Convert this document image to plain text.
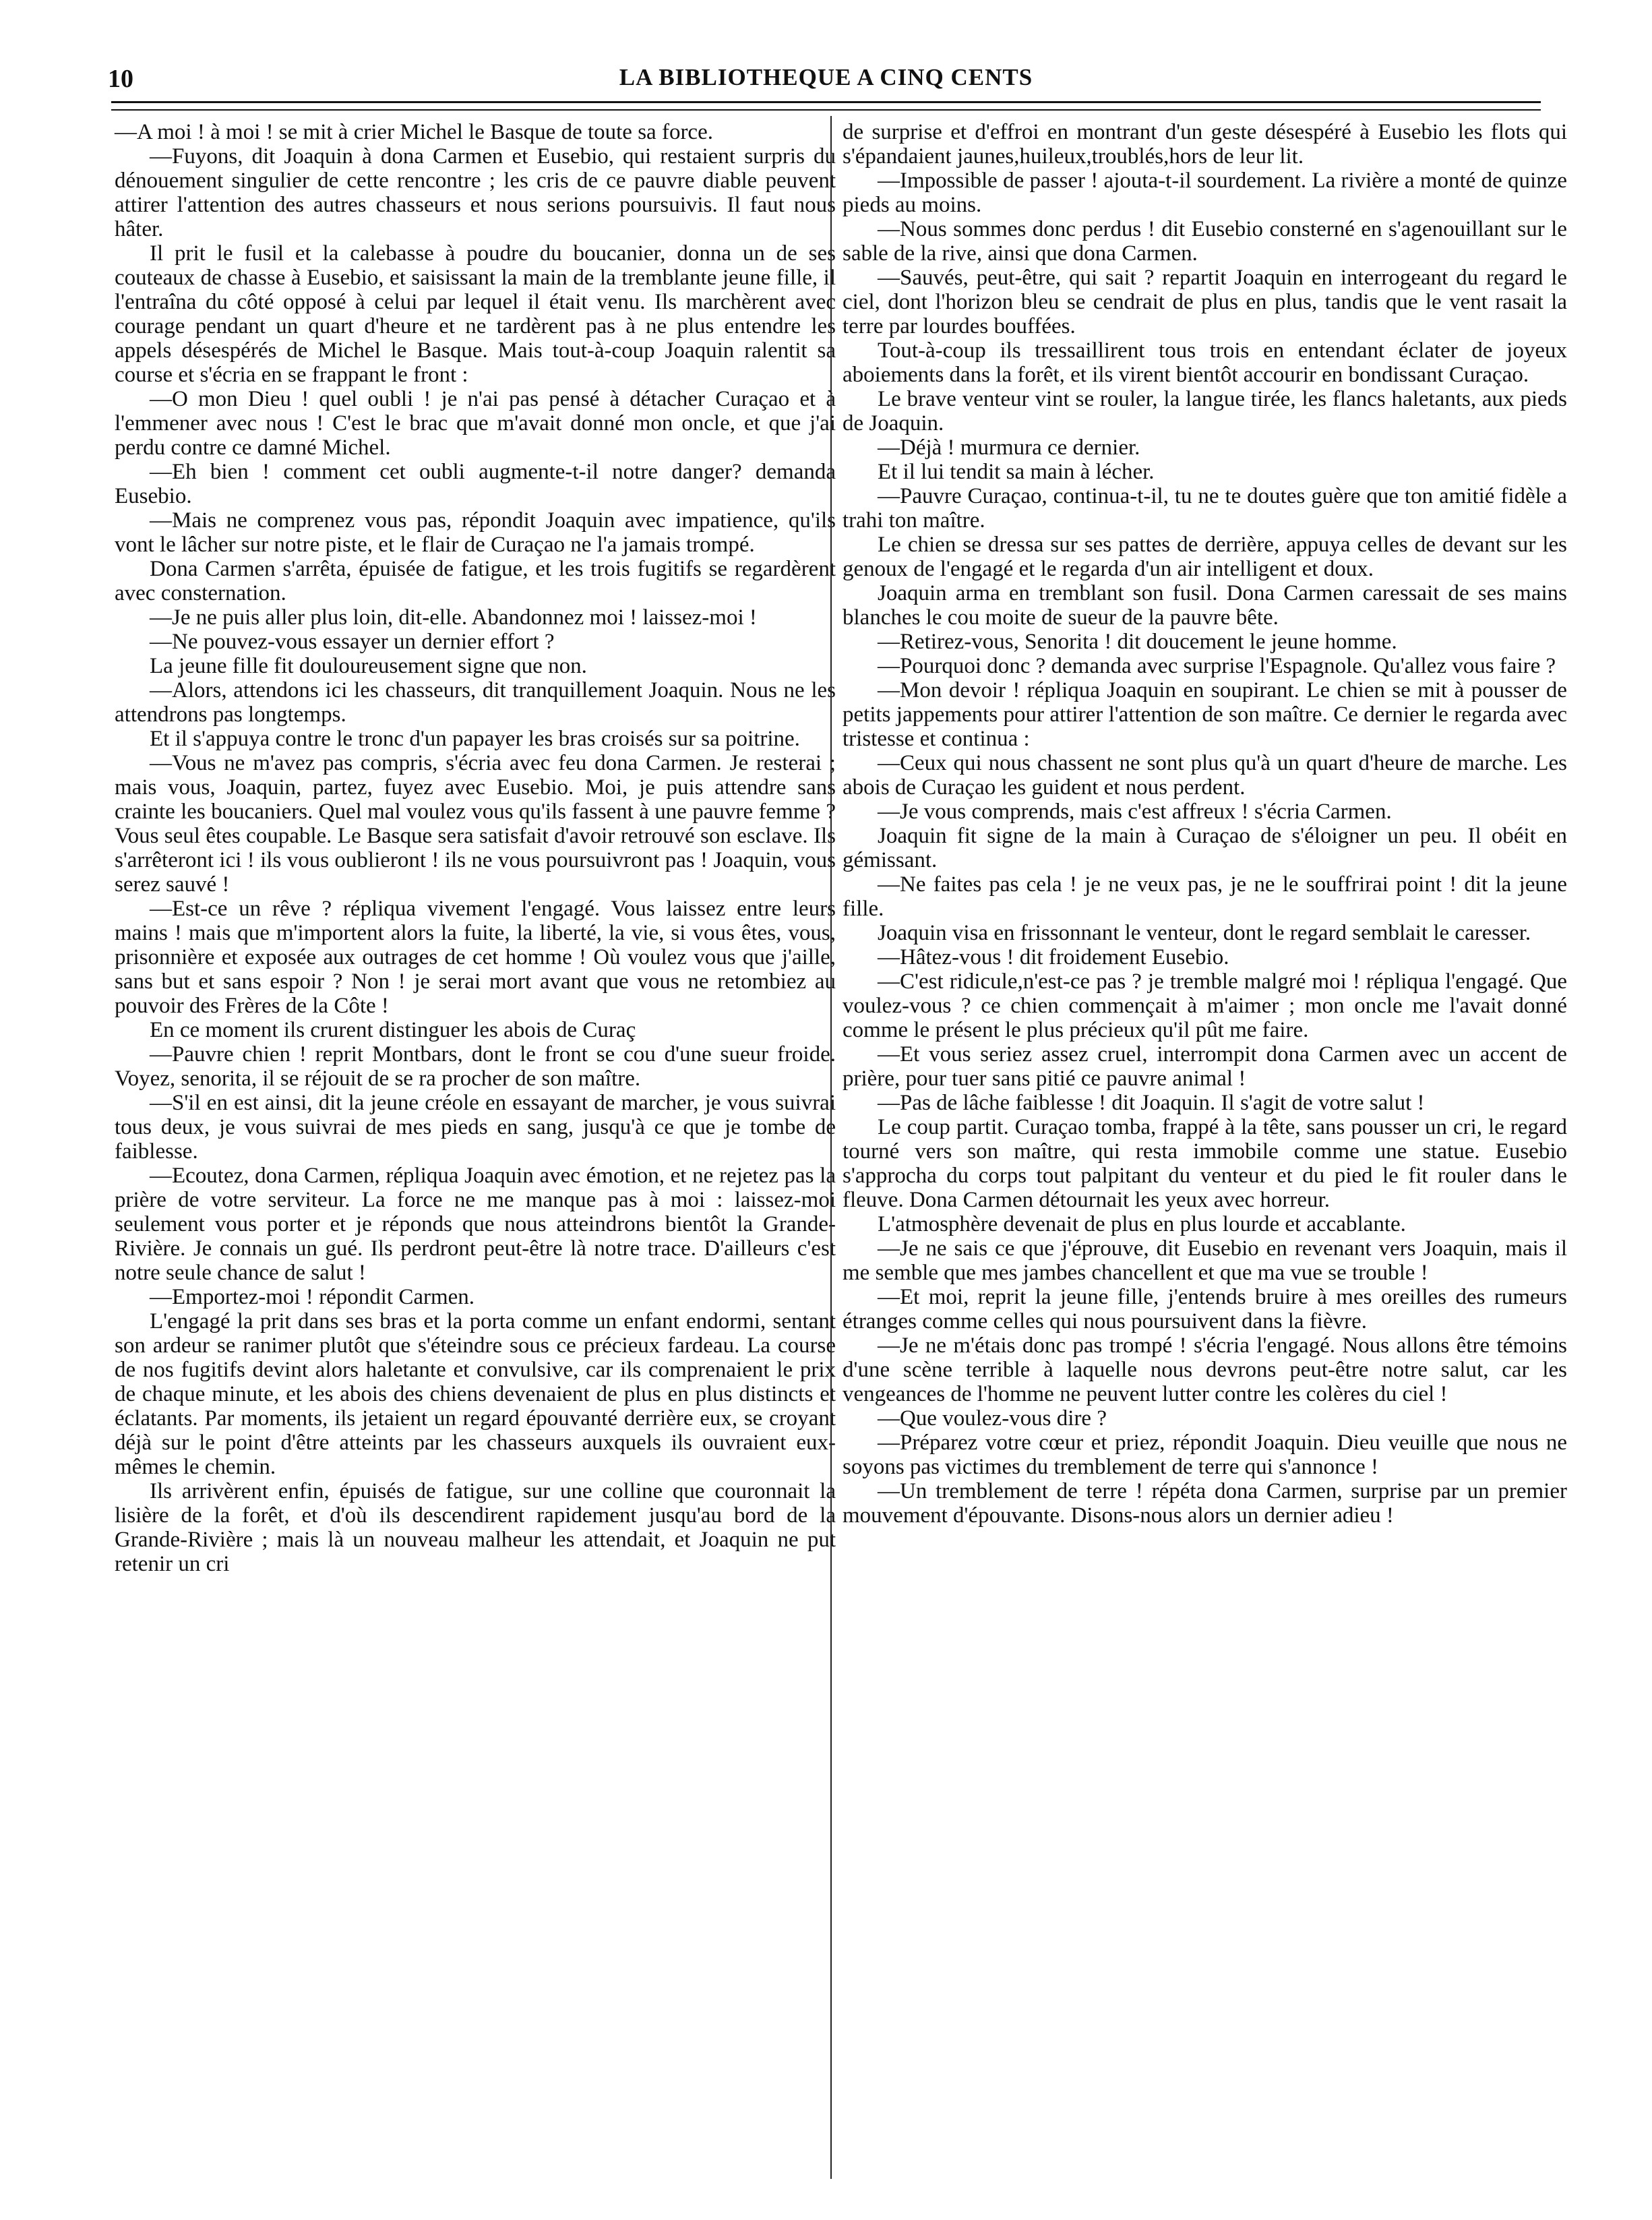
10	LA BIBLIOTHEQUE A CINQ CENTS

—A moi ! à moi ! se mit à crier Michel le Basque de toute sa force.

—Fuyons, dit Joaquin à dona Carmen et Eusebio, qui restaient surpris du dénouement singulier de cette rencontre ; les cris de ce pauvre diable peuvent attirer l'attention des autres chasseurs et nous serions poursuivis. Il faut nous hâter.

Il prit le fusil et la calebasse à poudre du boucanier, donna un de ses couteaux de chasse à Eusebio, et saisissant la main de la tremblante jeune fille, il l'entraîna du côté opposé à celui par lequel il était venu. Ils marchèrent avec courage pendant un quart d'heure et ne tardèrent pas à ne plus entendre les appels désespérés de Michel le Basque. Mais tout-à-coup Joaquin ralentit sa course et s'écria en se frappant le front :

—O mon Dieu ! quel oubli ! je n'ai pas pensé à détacher Curaçao et à l'emmener avec nous ! C'est le brac que m'avait donné mon oncle, et que j'ai perdu contre ce damné Michel.

—Eh bien ! comment cet oubli augmente-t-il notre danger? demanda Eusebio.

—Mais ne comprenez vous pas, répondit Joaquin avec impatience, qu'ils vont le lâcher sur notre piste, et le flair de Curaçao ne l'a jamais trompé.

Dona Carmen s'arrêta, épuisée de fatigue, et les trois fugitifs se regardèrent avec consternation.

—Je ne puis aller plus loin, dit-elle. Abandonnez moi ! laissez-moi !

—Ne pouvez-vous essayer un dernier effort ?

La jeune fille fit douloureusement signe que non.

—Alors, attendons ici les chasseurs, dit tranquillement Joaquin. Nous ne les attendrons pas longtemps.

Et il s'appuya contre le tronc d'un papayer les bras croisés sur sa poitrine.

—Vous ne m'avez pas compris, s'écria avec feu dona Carmen. Je resterai ; mais vous, Joaquin, partez, fuyez avec Eusebio. Moi, je puis attendre sans crainte les boucaniers. Quel mal voulez vous qu'ils fassent à une pauvre femme ? Vous seul êtes coupable. Le Basque sera satisfait d'avoir retrouvé son esclave. Ils s'arrêteront ici ! ils vous oublieront ! ils ne vous poursuivront pas ! Joaquin, vous serez sauvé !

—Est-ce un rêve ? répliqua vivement l'engagé. Vous laissez entre leurs mains ! mais que m'importent alors la fuite, la liberté, la vie, si vous êtes, vous, prisonnière et exposée aux outrages de cet homme ! Où voulez vous que j'aille, sans but et sans espoir ? Non ! je serai mort avant que vous ne retombiez au pouvoir des Frères de la Côte !

En ce moment ils crurent distinguer les abois de Curaç

—Pauvre chien ! reprit Montbars, dont le front se cou d'une sueur froide. Voyez, senorita, il se réjouit de se ra procher de son maître.

—S'il en est ainsi, dit la jeune créole en essayant de marcher, je vous suivrai tous deux, je vous suivrai de mes pieds en sang, jusqu'à ce que je tombe de faiblesse.

—Ecoutez, dona Carmen, répliqua Joaquin avec émotion, et ne rejetez pas la prière de votre serviteur. La force ne me manque pas à moi : laissez-moi seulement vous porter et je réponds que nous atteindrons bientôt la Grande-Rivière. Je connais un gué. Ils perdront peut-être là notre trace. D'ailleurs c'est notre seule chance de salut !

—Emportez-moi ! répondit Carmen.

L'engagé la prit dans ses bras et la porta comme un enfant endormi, sentant son ardeur se ranimer plutôt que s'éteindre sous ce précieux fardeau. La course de nos fugitifs devint alors haletante et convulsive, car ils comprenaient le prix de chaque minute, et les abois des chiens devenaient de plus en plus distincts et éclatants. Par moments, ils jetaient un regard épouvanté derrière eux, se croyant déjà sur le point d'être atteints par les chasseurs auxquels ils ouvraient eux-mêmes le chemin.

Ils arrivèrent enfin, épuisés de fatigue, sur une colline que couronnait la lisière de la forêt, et d'où ils descendirent rapidement jusqu'au bord de la Grande-Rivière ; mais là un nouveau malheur les attendait, et Joaquin ne put retenir un cri

de surprise et d'effroi en montrant d'un geste désespéré à Eusebio les flots qui s'épandaient jaunes,huileux,troublés,hors de leur lit.

—Impossible de passer ! ajouta-t-il sourdement. La rivière a monté de quinze pieds au moins.

—Nous sommes donc perdus ! dit Eusebio consterné en s'agenouillant sur le sable de la rive, ainsi que dona Carmen.

—Sauvés, peut-être, qui sait ? repartit Joaquin en interrogeant du regard le ciel, dont l'horizon bleu se cendrait de plus en plus, tandis que le vent rasait la terre par lourdes bouffées.

Tout-à-coup ils tressaillirent tous trois en entendant éclater de joyeux aboiements dans la forêt, et ils virent bientôt accourir en bondissant Curaçao.

Le brave venteur vint se rouler, la langue tirée, les flancs haletants, aux pieds de Joaquin.

—Déjà ! murmura ce dernier.

Et il lui tendit sa main à lécher.

—Pauvre Curaçao, continua-t-il, tu ne te doutes guère que ton amitié fidèle a trahi ton maître.

Le chien se dressa sur ses pattes de derrière, appuya celles de devant sur les genoux de l'engagé et le regarda d'un air intelligent et doux.

Joaquin arma en tremblant son fusil. Dona Carmen caressait de ses mains blanches le cou moite de sueur de la pauvre bête.

—Retirez-vous, Senorita ! dit doucement le jeune homme.

—Pourquoi donc ? demanda avec surprise l'Espagnole. Qu'allez vous faire ?

—Mon devoir ! répliqua Joaquin en soupirant. Le chien se mit à pousser de petits jappements pour attirer l'attention de son maître. Ce dernier le regarda avec tristesse et continua :

—Ceux qui nous chassent ne sont plus qu'à un quart d'heure de marche. Les abois de Curaçao les guident et nous perdent.

—Je vous comprends, mais c'est affreux ! s'écria Carmen.

Joaquin fit signe de la main à Curaçao de s'éloigner un peu. Il obéit en gémissant.

—Ne faites pas cela ! je ne veux pas, je ne le souffrirai point ! dit la jeune fille.

Joaquin visa en frissonnant le venteur, dont le regard semblait le caresser.

—Hâtez-vous ! dit froidement Eusebio.

—C'est ridicule,n'est-ce pas ? je tremble malgré moi ! répliqua l'engagé. Que voulez-vous ? ce chien commençait à m'aimer ; mon oncle me l'avait donné comme le présent le plus précieux qu'il pût me faire.

—Et vous seriez assez cruel, interrompit dona Carmen avec un accent de prière, pour tuer sans pitié ce pauvre animal !

—Pas de lâche faiblesse ! dit Joaquin. Il s'agit de votre salut !

Le coup partit. Curaçao tomba, frappé à la tête, sans pousser un cri, le regard tourné vers son maître, qui resta immobile comme une statue. Eusebio s'approcha du corps tout palpitant du venteur et du pied le fit rouler dans le fleuve. Dona Carmen détournait les yeux avec horreur.

L'atmosphère devenait de plus en plus lourde et accablante.

—Je ne sais ce que j'éprouve, dit Eusebio en revenant vers Joaquin, mais il me semble que mes jambes chancellent et que ma vue se trouble !

—Et moi, reprit la jeune fille, j'entends bruire à mes oreilles des rumeurs étranges comme celles qui nous poursuivent dans la fièvre.

—Je ne m'étais donc pas trompé ! s'écria l'engagé. Nous allons être témoins d'une scène terrible à laquelle nous devrons peut-être notre salut, car les vengeances de l'homme ne peuvent lutter contre les colères du ciel !

—Que voulez-vous dire ?

—Préparez votre cœur et priez, répondit Joaquin. Dieu veuille que nous ne soyons pas victimes du tremblement de terre qui s'annonce !

—Un tremblement de terre ! répéta dona Carmen, surprise par un premier mouvement d'épouvante. Disons-nous alors un dernier adieu !
